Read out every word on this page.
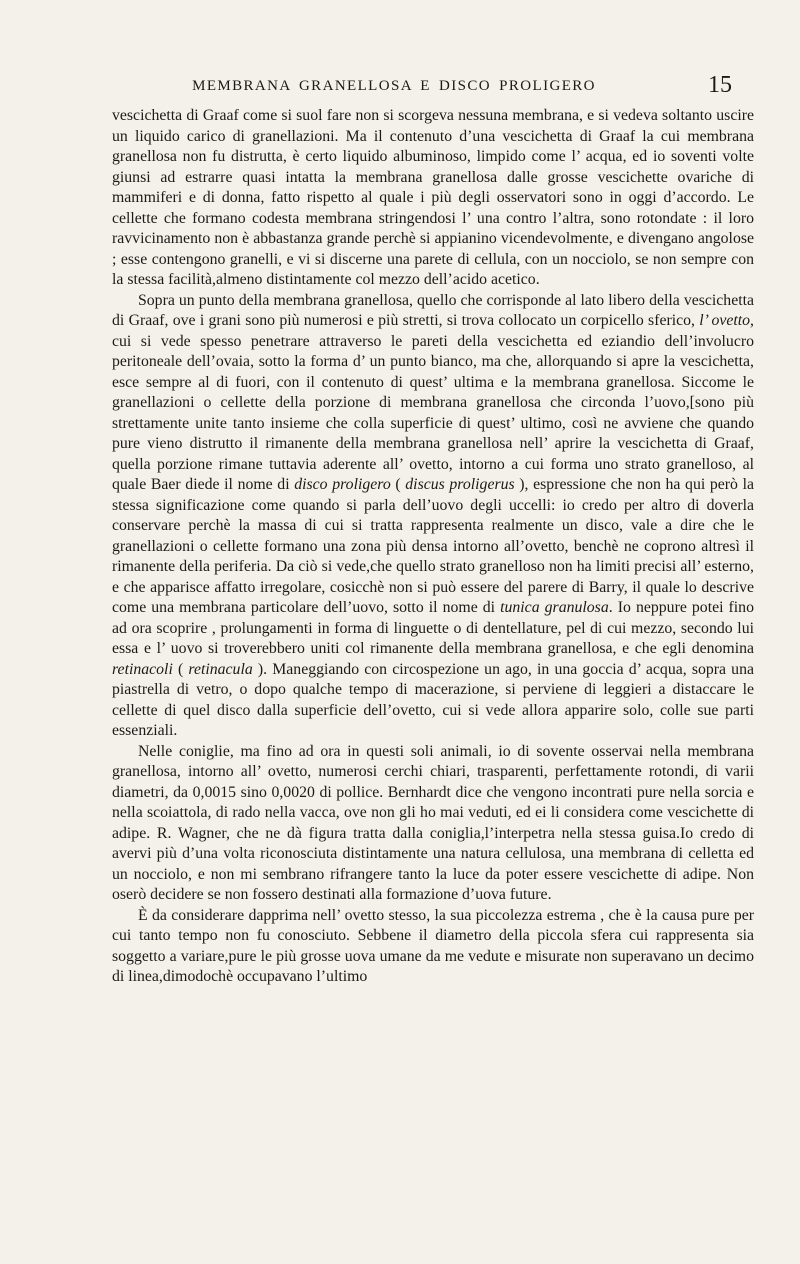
MEMBRANA GRANELLOSA E DISCO PROLIGERO	15

vescichetta di Graaf come si suol fare non si scorgeva nessuna membrana, e si vedeva soltanto uscire un liquido carico di granellazioni. Ma il contenuto d’una vescichetta di Graaf la cui membrana granellosa non fu distrutta, è certo liquido albuminoso, limpido come l’ acqua, ed io soventi volte giunsi ad estrarre quasi intatta la membrana granellosa dalle grosse vescichette ovariche di mammiferi e di donna, fatto rispetto al quale i più degli osservatori sono in oggi d’accordo. Le cellette che formano codesta membrana stringendosi l’ una contro l’altra, sono rotondate : il loro ravvicinamento non è abbastanza grande perchè si appianino vicendevolmente, e divengano angolose ; esse contengono granelli, e vi si discerne una parete di cellula, con un nocciolo, se non sempre con la stessa facilità,almeno distintamente col mezzo dell’acido acetico.

Sopra un punto della membrana granellosa, quello che corrisponde al lato libero della vescichetta di Graaf, ove i grani sono più numerosi e più stretti, si trova collocato un corpicello sferico, l’ ovetto, cui si vede spesso penetrare attraverso le pareti della vescichetta ed eziandio dell’involucro peritoneale dell’ovaia, sotto la forma d’ un punto bianco, ma che, allorquando si apre la vescichetta, esce sempre al di fuori, con il contenuto di quest’ ultima e la membrana granellosa. Siccome le granellazioni o cellette della porzione di membrana granellosa che circonda l’uovo,[sono più strettamente unite tanto insieme che colla superficie di quest’ ultimo, così ne avviene che quando pure vieno distrutto il rimanente della membrana granellosa nell’ aprire la vescichetta di Graaf, quella porzione rimane tuttavia aderente all’ ovetto, intorno a cui forma uno strato granelloso, al quale Baer diede il nome di disco proligero ( discus proligerus ), espressione che non ha qui però la stessa significazione come quando si parla dell’uovo degli uccelli: io credo per altro di doverla conservare perchè la massa di cui si tratta rappresenta realmente un disco, vale a dire che le granellazioni o cellette formano una zona più densa intorno all’ovetto, benchè ne coprono altresì il rimanente della periferia. Da ciò si vede,che quello strato granelloso non ha limiti precisi all’ esterno, e che apparisce affatto irregolare, cosicchè non si può essere del parere di Barry, il quale lo descrive come una membrana particolare dell’uovo, sotto il nome di tunica granulosa. Io neppure potei fino ad ora scoprire , prolungamenti in forma di linguette o di dentellature, pel di cui mezzo, secondo lui essa e l’ uovo si troverebbero uniti col rimanente della membrana granellosa, e che egli denomina retinacoli ( retinacula ). Maneggiando con circospezione un ago, in una goccia d’ acqua, sopra una piastrella di vetro, o dopo qualche tempo di macerazione, si perviene di leggieri a distaccare le cellette di quel disco dalla superficie dell’ovetto, cui si vede allora apparire solo, colle sue parti essenziali.

Nelle coniglie, ma fino ad ora in questi soli animali, io di sovente osservai nella membrana granellosa, intorno all’ ovetto, numerosi cerchi chiari, trasparenti, perfettamente rotondi, di varii diametri, da 0,0015 sino 0,0020 di pollice. Bernhardt dice che vengono incontrati pure nella sorcia e nella scoiattola, di rado nella vacca, ove non gli ho mai veduti, ed ei li considera come vescichette di adipe. R. Wagner, che ne dà figura tratta dalla coniglia,l’interpetra nella stessa guisa.Io credo di avervi più d’una volta riconosciuta distintamente una natura cellulosa, una membrana di celletta ed un nocciolo, e non mi sembrano rifrangere tanto la luce da poter essere vescichette di adipe. Non oserò decidere se non fossero destinati alla formazione d’uova future.

È da considerare dapprima nell’ ovetto stesso, la sua piccolezza estrema , che è la causa pure per cui tanto tempo non fu conosciuto. Sebbene il diametro della piccola sfera cui rappresenta sia soggetto a variare,pure le più grosse uova umane da me vedute e misurate non superavano un decimo di linea,dimodochè occupavano l’ultimo
